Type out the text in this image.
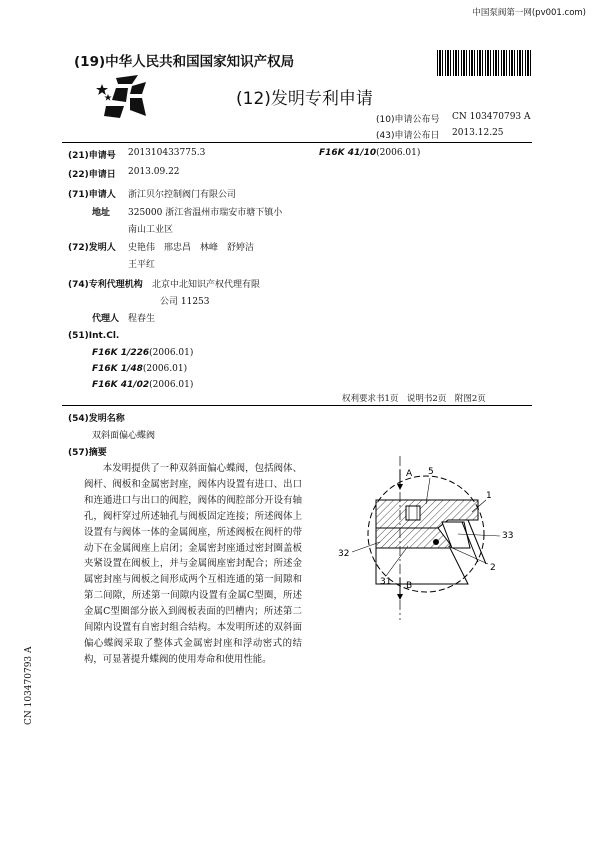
中国泵阀第一网(pv001.com)
(19)中华人民共和国国家知识产权局
(12)发明专利申请
(10)申请公布号 CN 103470793 A
(43)申请公布日 2013.12.25
(21)申请号 201310433775.3	F16K 41/10(2006.01)
(22)申请日 2013.09.22
(71)申请人 浙江贝尔控制阀门有限公司
地址 325000 浙江省温州市瑞安市塘下镇小
南山工业区
(72)发明人 史艳伟　邢忠昌　林峰　舒婷洁
王平红
(74)专利代理机构 北京中北知识产权代理有限
公司 11253
代理人 程春生
(51)Int.Cl.
F16K 1/226(2006.01)
F16K 1/48(2006.01)
F16K 41/02(2006.01)
权利要求书1页　说明书2页　附图2页
(54)发明名称
双斜面偏心蝶阀
(57)摘要
本发明提供了一种双斜面偏心蝶阀，包括阀体、阀杆、阀板和金属密封座，阀体内设置有进口、出口和连通进口与出口的阀腔，阀体的阀腔部分开设有轴孔，阀杆穿过所述轴孔与阀板固定连接；所述阀体上设置有与阀体一体的金属阀座，所述阀板在阀杆的带动下在金属阀座上启闭；金属密封座通过密封圈盖板夹紧设置在阀板上，并与金属阀座密封配合；所述金属密封座与阀板之间形成两个互相连通的第一间隙和第二间隙，所述第一间隙内设置有金属C型圈，所述金属C型圈部分嵌入到阀板表面的凹槽内；所述第二间隙内设置有自密封组合结构。本发明所述的双斜面偏心蝶阀采取了整体式金属密封座和浮动密式的结构，可显著提升蝶阀的使用寿命和使用性能。
CN 103470793 A
A 5
1
33
2
32
31 B
